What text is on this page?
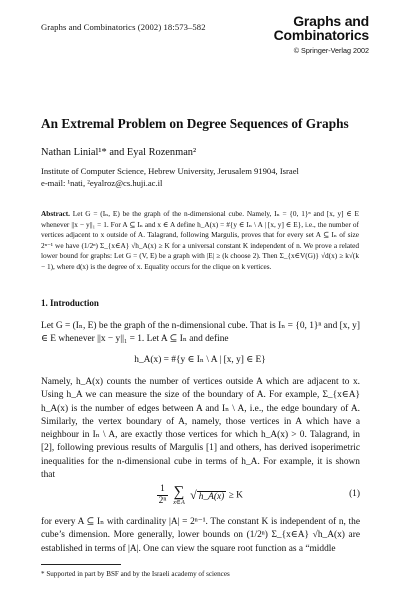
Graphs and Combinatorics (2002) 18:573–582	Graphs and
Combinatorics
© Springer-Verlag 2002
An Extremal Problem on Degree Sequences of Graphs
Nathan Linial¹* and Eyal Rozenman²
Institute of Computer Science, Hebrew University, Jerusalem 91904, Israel
e-mail: ¹nati, ²eyalroz@cs.huji.ac.il
Abstract. Let G = (Iₙ, E) be the graph of the n-dimensional cube. Namely, Iₙ = {0, 1}ⁿ and [x, y] ∈ E whenever ||x − y||₁ = 1. For A ⊆ Iₙ and x ∈ A define h_A(x) = #{y ∈ Iₙ \ A | [x, y] ∈ E}, i.e., the number of vertices adjacent to x outside of A. Talagrand, following Margulis, proves that for every set A ⊆ Iₙ of size 2ⁿ⁻¹ we have (1/2ⁿ) Σ_{x∈A} √h_A(x) ≥ K for a universal constant K independent of n. We prove a related lower bound for graphs: Let G = (V, E) be a graph with |E| ≥ (k choose 2). Then Σ_{x∈V(G)} √d(x) ≥ k√(k − 1), where d(x) is the degree of x. Equality occurs for the clique on k vertices.
1. Introduction
Let G = (Iₙ, E) be the graph of the n-dimensional cube. That is Iₙ = {0, 1}ⁿ and [x, y] ∈ E whenever ||x − y||₁ = 1. Let A ⊆ Iₙ and define
h_A(x) = #{y ∈ Iₙ \ A | [x, y] ∈ E}
Namely, h_A(x) counts the number of vertices outside A which are adjacent to x. Using h_A we can measure the size of the boundary of A. For example, Σ_{x∈A} h_A(x) is the number of edges between A and Iₙ \ A, i.e., the edge boundary of A. Similarly, the vertex boundary of A, namely, those vertices in A which have a neighbour in Iₙ \ A, are exactly those vertices for which h_A(x) > 0. Talagrand, in [2], following previous results of Margulis [1] and others, has derived isoperimetric inequalities for the n-dimensional cube in terms of h_A. For example, it is shown that
$\frac{1}{\text{2ⁿ}}$
∑
x∈A
√ h_A(x) ≥ K	(1)
for every A ⊆ Iₙ with cardinality |A| = 2ⁿ⁻¹. The constant K is independent of n, the cube’s dimension. More generally, lower bounds on (1/2ⁿ) Σ_{x∈A} √h_A(x) are established in terms of |A|. One can view the square root function as a “middle
* Supported in part by BSF and by the Israeli academy of sciences
